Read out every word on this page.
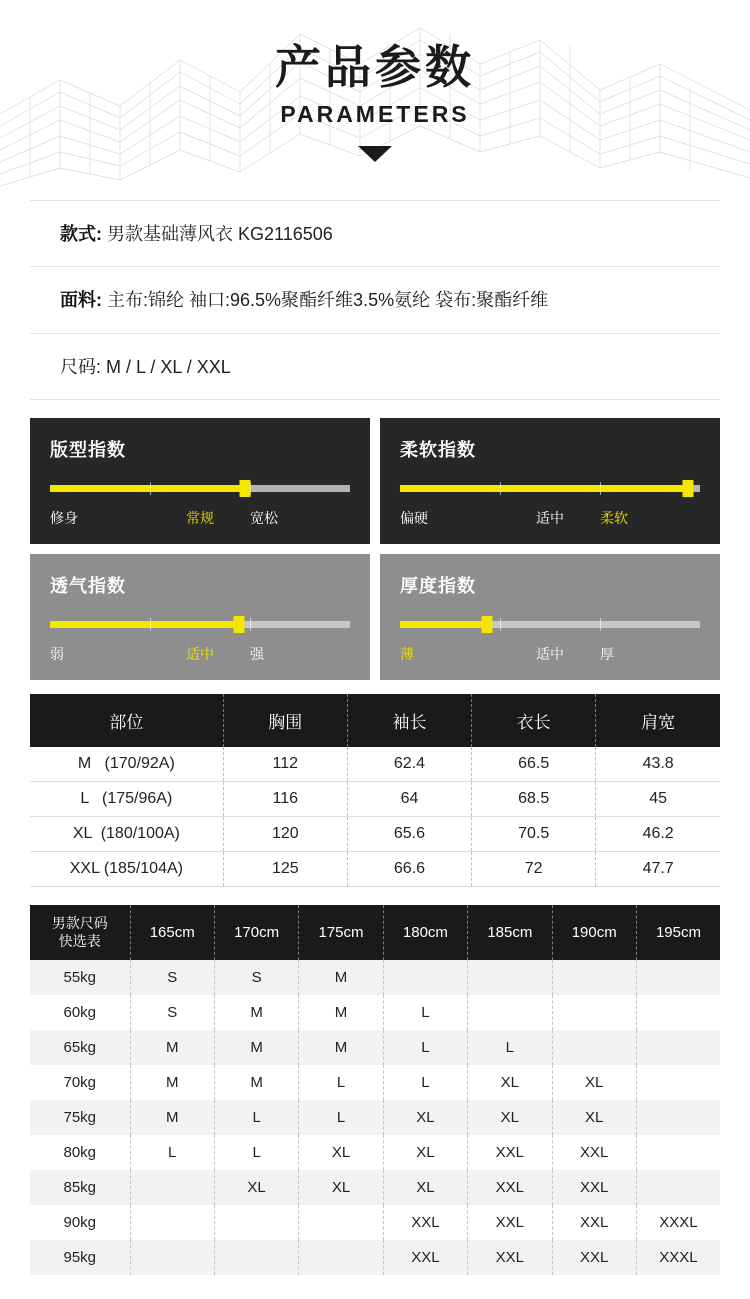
产品参数
PARAMETERS
款式: 男款基础薄风衣 KG2116506
面料: 主布:锦纶 袖口:96.5%聚酯纤维3.5%氨纶 袋布:聚酯纤维
尺码: M / L / XL / XXL
版型指数
修身	常规	宽松
柔软指数
偏硬	适中	柔软
透气指数
弱	适中	强
厚度指数
薄	适中	厚
部位	胸围	袖长	衣长	肩宽
M   (170/92A)	112	62.4	66.5	43.8
L   (175/96A)	116	64	68.5	45
XL  (180/100A)	120	65.6	70.5	46.2
XXL (185/104A)	125	66.6	72	47.7
男款尺码
快选表	165cm	170cm	175cm	180cm	185cm	190cm	195cm
55kg	S	S	M				
60kg	S	M	M	L			
65kg	M	M	M	L	L		
70kg	M	M	L	L	XL	XL	
75kg	M	L	L	XL	XL	XL	
80kg	L	L	XL	XL	XXL	XXL	
85kg		XL	XL	XL	XXL	XXL	
90kg				XXL	XXL	XXL	XXXL
95kg				XXL	XXL	XXL	XXXL
